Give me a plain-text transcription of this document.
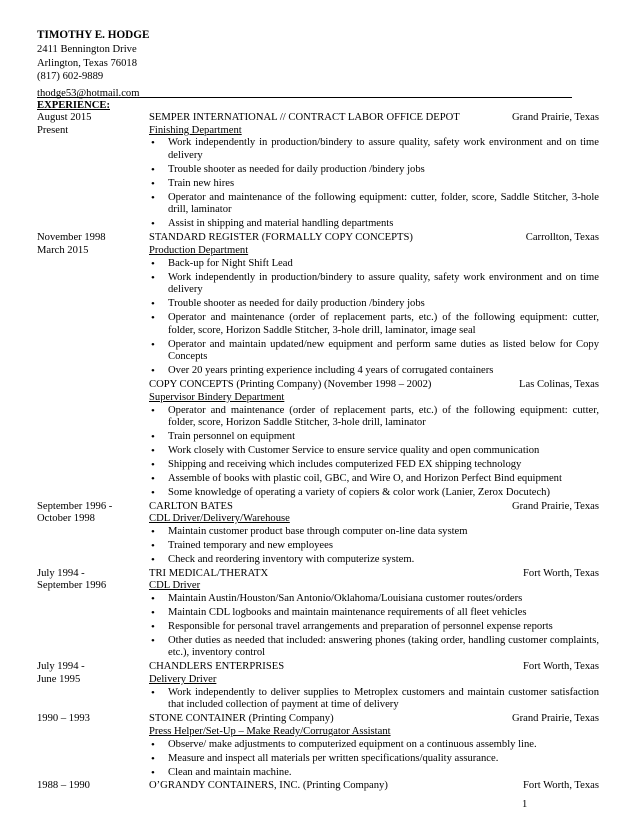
TIMOTHY E. HODGE
2411 Bennington Drive
Arlington, Texas 76018
(817) 602-9889
thodge53@hotmail.com
EXPERIENCE:
August 2015
Present
SEMPER INTERNATIONAL // CONTRACT LABOR OFFICE DEPOT	Grand Prairie, Texas
Finishing Department
• Work independently in production/bindery to assure quality, safety work environment and on time delivery
• Trouble shooter as needed for daily production /bindery jobs
• Train new hires
• Operator and maintenance of the following equipment: cutter, folder, score, Saddle Stitcher, 3-hole drill, laminator
• Assist in shipping and material handling departments
November 1998
March 2015
STANDARD REGISTER (FORMALLY COPY CONCEPTS)	Carrollton, Texas
Production Department
• Back-up for Night Shift Lead
• Work independently in production/bindery to assure quality, safety work environment and on time delivery
• Trouble shooter as needed for daily production /bindery jobs
• Operator and maintenance (order of replacement parts, etc.) of the following equipment: cutter, folder, score, Horizon Saddle Stitcher, 3-hole drill, laminator, image seal
• Operator and maintain updated/new equipment and perform same duties as listed below for Copy Concepts
• Over 20 years printing experience including 4 years of corrugated containers
COPY CONCEPTS (Printing Company) (November 1998 – 2002)	Las Colinas, Texas
Supervisor Bindery Department
• Operator and maintenance (order of replacement parts, etc.) of the following equipment: cutter, folder, score, Horizon Saddle Stitcher, 3-hole drill, laminator
• Train personnel on equipment
• Work closely with Customer Service to ensure service quality and open communication
• Shipping and receiving which includes computerized FED EX shipping technology
• Assemble of books with plastic coil, GBC, and Wire O, and Horizon Perfect Bind equipment
• Some knowledge of operating a variety of copiers & color work (Lanier, Zerox Docutech)
September 1996 -
October 1998
CARLTON BATES	Grand Prairie, Texas
CDL Driver/Delivery/Warehouse
• Maintain customer product base through computer on-line data system
• Trained temporary and new employees
• Check and reordering inventory with computerize system.
July 1994 -
September 1996
TRI MEDICAL/THERATX	Fort Worth, Texas
CDL Driver
• Maintain Austin/Houston/San Antonio/Oklahoma/Louisiana customer routes/orders
• Maintain CDL logbooks and maintain maintenance requirements of all fleet vehicles
• Responsible for personal travel arrangements and preparation of personnel expense reports
• Other duties as needed that included: answering phones (taking order, handling customer complaints, etc.), inventory control
July 1994 -
June 1995
CHANDLERS ENTERPRISES	Fort Worth, Texas
Delivery Driver
• Work independently to deliver supplies to Metroplex customers and maintain customer satisfaction that included collection of payment at time of delivery
1990 – 1993	STONE CONTAINER (Printing Company)	Grand Prairie, Texas
Press Helper/Set-Up – Make Ready/Corrugator Assistant
• Observe/ make adjustments to computerized equipment on a continuous assembly line.
• Measure and inspect all materials per written specifications/quality assurance.
• Clean and maintain machine.
1988 – 1990	O’GRANDY CONTAINERS, INC. (Printing Company)	Fort Worth, Texas
1
